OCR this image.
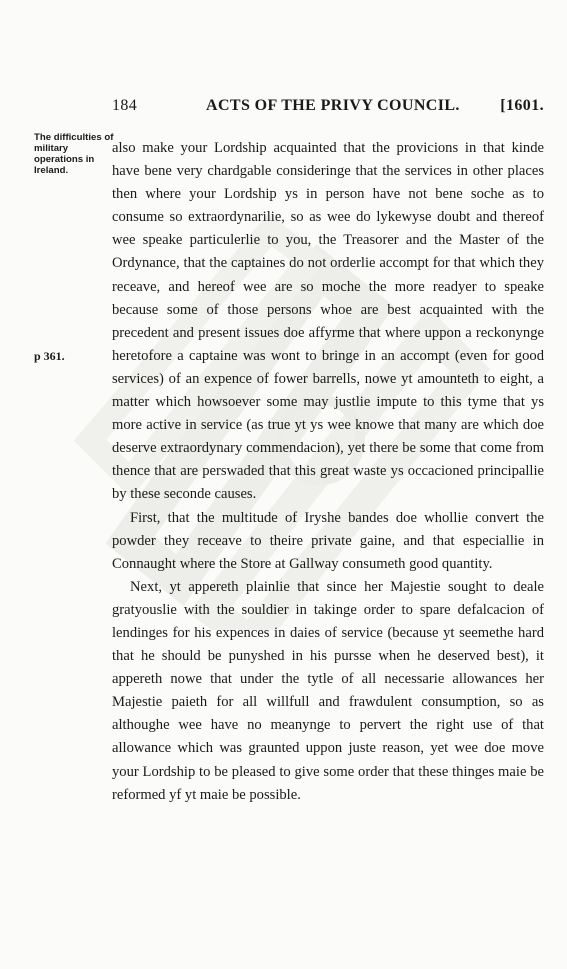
184	ACTS OF THE PRIVY COUNCIL.	[1601.
The difficulties of military operations in Ireland.
p 361.

also make your Lordship acquainted that the provicions in that kinde have bene very chardgable consideringe that the services in other places then where your Lordship ys in person have not bene soche as to consume so extraordynarilie, so as wee do lykewyse doubt and thereof wee speake particulerlie to you, the Treasorer and the Master of the Ordynance, that the captaines do not orderlie accompt for that which they receave, and hereof wee are so moche the more readyer to speake because some of those persons whoe are best acquainted with the precedent and present issues doe affyrme that where uppon a reckonynge heretofore a captaine was wont to bringe in an accompt (even for good services) of an expence of fower barrells, nowe yt amounteth to eight, a matter which howsoever some may justlie impute to this tyme that ys more active in service (as true yt ys wee knowe that many are which doe deserve extraordynary commendacion), yet there be some that come from thence that are perswaded that this great waste ys occacioned principallie by these seconde causes.

First, that the multitude of Iryshe bandes doe whollie convert the powder they receave to theire private gaine, and that especiallie in Connaught where the Store at Gallway consumeth good quantity.

Next, yt appereth plainlie that since her Majestie sought to deale gratyouslie with the souldier in takinge order to spare defalcacion of lendinges for his expences in daies of service (because yt seemethe hard that he should be punyshed in his pursse when he deserved best), it appereth nowe that under the tytle of all necessarie allowances her Majestie paieth for all willfull and frawdulent consumption, so as althoughe wee have no meanynge to pervert the right use of that allowance which was graunted uppon juste reason, yet wee doe move your Lordship to be pleased to give some order that these thinges maie be reformed yf yt maie be possible.
